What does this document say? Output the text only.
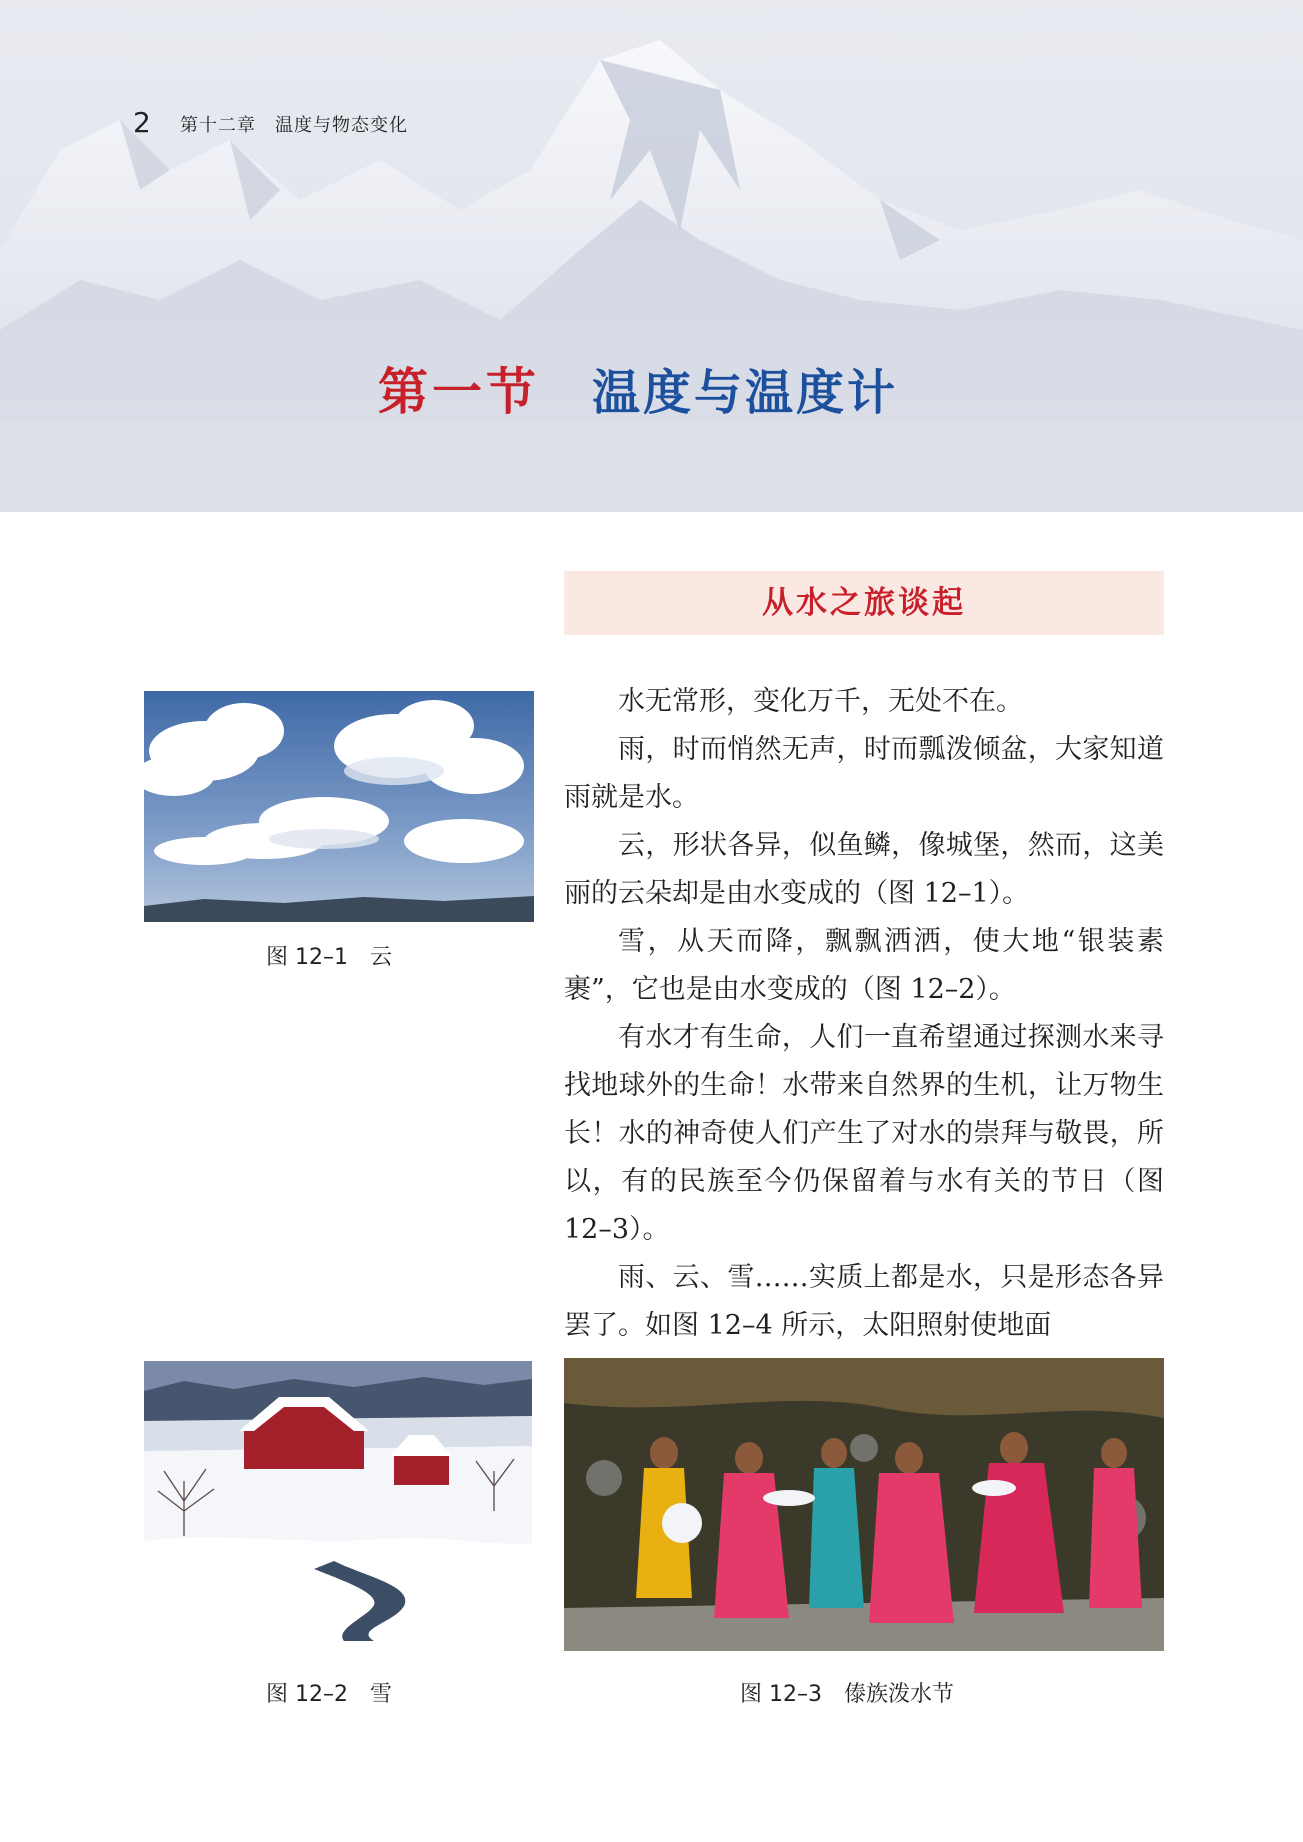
2 第十二章　温度与物态变化
第一节 温度与温度计
从水之旅谈起
图 12–1　云

水无常形，变化万千，无处不在。

雨，时而悄然无声，时而瓢泼倾盆，大家知道雨就是水。

云，形状各异，似鱼鳞，像城堡，然而，这美丽的云朵却是由水变成的（图 12–1）。

雪，从天而降，飘飘洒洒，使大地“银装素裹”，它也是由水变成的（图 12–2）。

有水才有生命，人们一直希望通过探测水来寻找地球外的生命！水带来自然界的生机，让万物生长！水的神奇使人们产生了对水的崇拜与敬畏，所以，有的民族至今仍保留着与水有关的节日（图 12–3）。

雨、云、雪……实质上都是水，只是形态各异罢了。如图 12–4 所示，太阳照射使地面

图 12–2　雪	图 12–3　傣族泼水节
